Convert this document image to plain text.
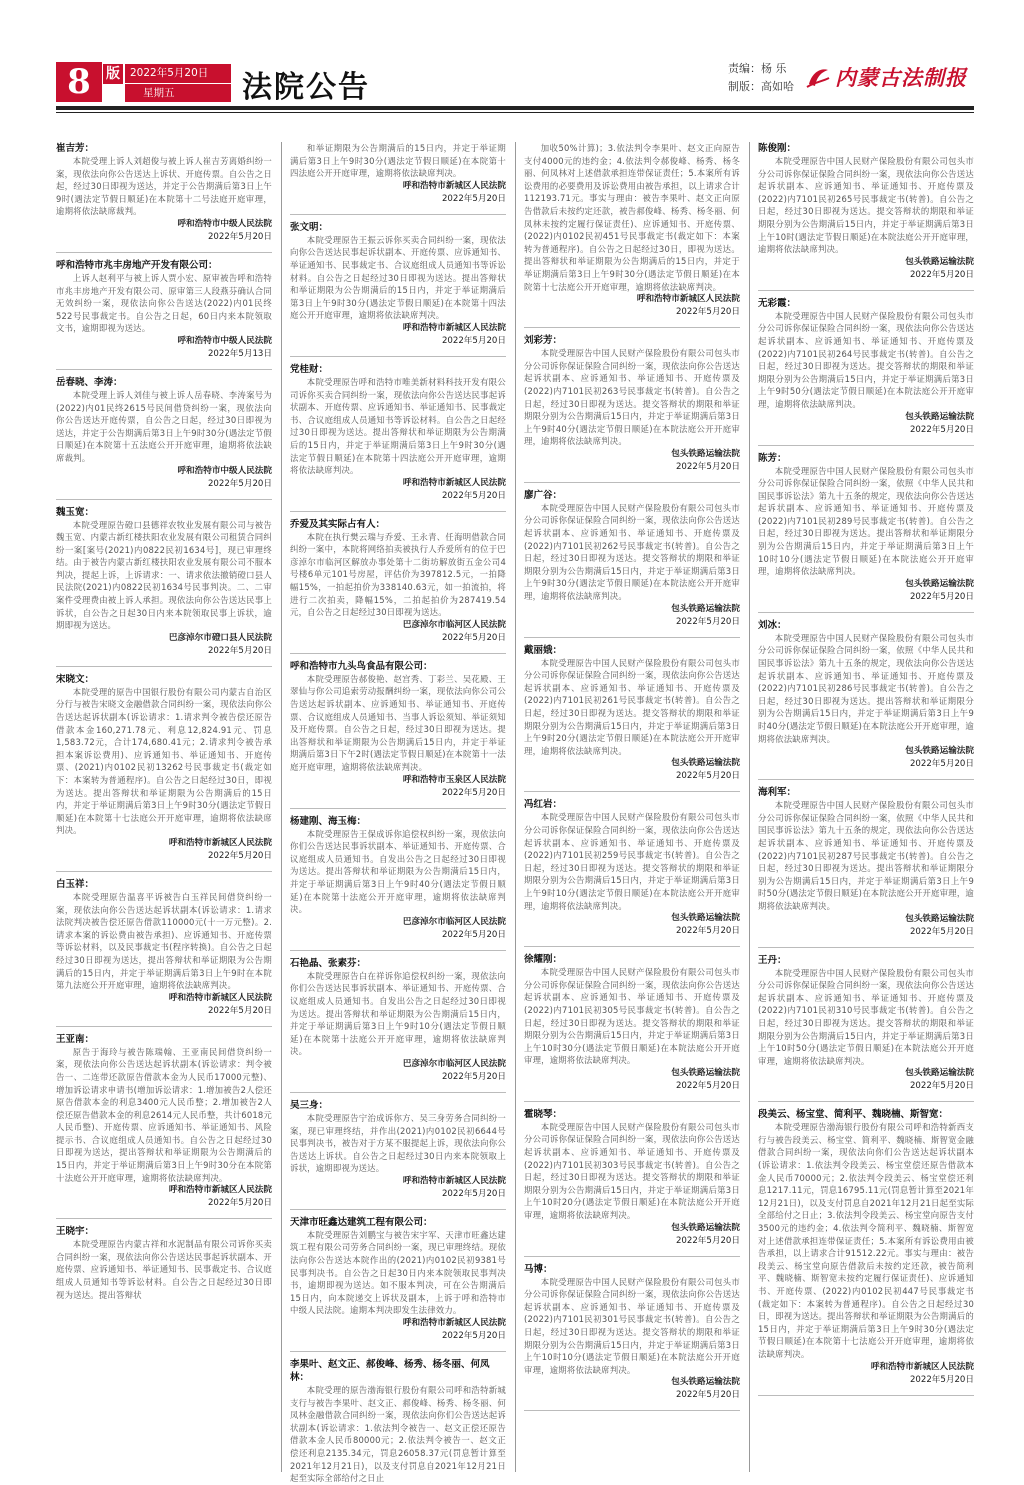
8	版 2022年5月20日
星期五	法院公告
责编：杨 乐
制版：高如哈 内蒙古法制报
崔吉芳：
本院受理上诉人刘超俊与被上诉人崔吉芳离婚纠纷一案，现依法向你公告送达上诉状、开庭传票。自公告之日起，经过30日即视为送达，并定于公告期满后第3日上午9时(遇法定节假日顺延)在本院第十二号法庭开庭审理，逾期将依法缺席裁判。
呼和浩特市中级人民法院
2022年5月20日
呼和浩特市兆丰房地产开发有限公司：
上诉人赵利平与被上诉人贾小宏、原审被告呼和浩特市兆丰房地产开发有限公司、原审第三人段燕芬确认合同无效纠纷一案，现依法向你公告送达(2022)内01民终522号民事裁定书。自公告之日起，60日内来本院领取文书，逾期即视为送达。
呼和浩特市中级人民法院
2022年5月13日
岳春晓、李涛：
本院受理上诉人刘佳与被上诉人岳春晓、李涛案号为(2022)内01民终2615号民间借贷纠纷一案，现依法向你公告送达开庭传票，自公告之日起，经过30日即视为送达，并定于公告期满后第3日上午9时30分(遇法定节假日顺延)在本院第十五法庭公开开庭审理，逾期将依法缺席裁判。
呼和浩特市中级人民法院
2022年5月20日
魏玉宽：
本院受理原告磴口县德祥农牧业发展有限公司与被告魏玉宽、内蒙古新红楼扶阳农业发展有限公司租赁合同纠纷一案[案号(2021)内0822民初1634号]，现已审理终结。由于被告内蒙古新红楼扶阳农业发展有限公司不服本判决，提起上诉，上诉请求：一、请求依法撤销磴口县人民法院(2021)内0822民初1634号民事判决。二、二审案件受理费由被上诉人承担。现依法向你公告送达民事上诉状，自公告之日起30日内来本院领取民事上诉状，逾期即视为送达。
巴彦淖尔市磴口县人民法院
2022年5月20日
宋晓文：
本院受理的原告中国银行股份有限公司内蒙古自治区分行与被告宋晓文金融借款合同纠纷一案，现依法向你公告送达起诉状副本(诉讼请求：1.请求判令被告偿还原告借款本金160,271.78元、利息12,824.91元、罚息1,583.72元，合计174,680.41元；2.请求判令被告承担本案诉讼费用)、应诉通知书、举证通知书、开庭传票、(2021)内0102民初13262号民事裁定书(裁定如下：本案转为普通程序)。自公告之日起经过30日，即视为送达。提出答辩状和举证期限为公告期满后的15日内，并定于举证期满后第3日上午9时30分(遇法定节假日顺延)在本院第十七法庭公开开庭审理，逾期将依法缺席判决。
呼和浩特市新城区人民法院
2022年5月20日
白玉祥：
本院受理原告温喜平诉被告白玉祥民间借贷纠纷一案，现依法向你公告送达起诉状副本(诉讼请求：1.请求法院判决被告偿还原告借款110000元(十一万元整)。2.请求本案的诉讼费由被告承担)、应诉通知书、开庭传票等诉讼材料，以及民事裁定书(程序转换)。自公告之日起经过30日即视为送达，提出答辩状和举证期限为公告期满后的15日内，并定于举证期满后第3日上午9时在本院第九法庭公开开庭审理，逾期将依法缺席判决。
呼和浩特市新城区人民法院
2022年5月20日
王亚南：
原告于海玲与被告陈瑞翰、王亚南民间借贷纠纷一案，现依法向你公告送达起诉状副本(诉讼请求：判令被告一、二连带还款原告借款本金为人民币17000元整)、增加诉讼请求申请书(增加诉讼请求：1.增加被告2人偿还原告借款本金的利息3400元人民币整；2.增加被告2人偿还原告借款本金的利息2614元人民币整，共计6018元人民币整)、开庭传票、应诉通知书、举证通知书、风险提示书、合议庭组成人员通知书。自公告之日起经过30日即视为送达，提出答辩状和举证期限为公告期满后的15日内，并定于举证期满后第3日上午9时30分在本院第十法庭公开开庭审理，逾期将依法缺席判决。
呼和浩特市新城区人民法院
2022年5月20日
王晓宇：
本院受理原告内蒙古祥和水泥制品有限公司诉你买卖合同纠纷一案，现依法向你公告送达民事起诉状副本、开庭传票、应诉通知书、举证通知书、民事裁定书、合议庭组成人员通知书等诉讼材料。自公告之日起经过30日即视为送达。提出答辩状
和举证期限为公告期满后的15日内，并定于举证期满后第3日上午9时30分(遇法定节假日顺延)在本院第十四法庭公开开庭审理，逾期将依法缺席判决。
呼和浩特市新城区人民法院
2022年5月20日
张文明：
本院受理原告王振云诉你买卖合同纠纷一案，现依法向你公告送达民事起诉状副本、开庭传票、应诉通知书、举证通知书、民事裁定书、合议庭组成人员通知书等诉讼材料。自公告之日起经过30日即视为送达。提出答辩状和举证期限为公告期满后的15日内，并定于举证期满后第3日上午9时30分(遇法定节假日顺延)在本院第十四法庭公开开庭审理，逾期将依法缺席判决。
呼和浩特市新城区人民法院
2022年5月20日
党桂财：
本院受理原告呼和浩特市唯美新材料科技开发有限公司诉你买卖合同纠纷一案，现依法向你公告送达民事起诉状副本、开庭传票、应诉通知书、举证通知书、民事裁定书、合议庭组成人员通知书等诉讼材料。自公告之日起经过30日即视为送达。提出答辩状和举证期限为公告期满后的15日内，并定于举证期满后第3日上午9时30分(遇法定节假日顺延)在本院第十四法庭公开开庭审理，逾期将依法缺席判决。
呼和浩特市新城区人民法院
2022年5月20日
乔爱及其实际占有人：
本院在执行樊云瑞与乔爱、王永青、任海明借款合同纠纷一案中，本院将网络拍卖被执行人乔爱所有的位于巴彦淖尔市临河区解放办事处第十二街坊解放街五金公司4号楼6单元101号房屋，评估价为397812.5元，一拍降幅15%，一拍起拍价为338140.63元，如一拍流拍，将进行二次拍卖，降幅15%，二拍起拍价为287419.54元，自公告之日起经过30日即视为送达。
巴彦淖尔市临河区人民法院
2022年5月20日
呼和浩特市九头鸟食品有限公司：
本院受理原告郝俊艳、赵宫秀、丁彩兰、吴花殿、王翠仙与你公司追索劳动报酬纠纷一案，现依法向你公司公告送达起诉状副本、应诉通知书、举证通知书、开庭传票、合议庭组成人员通知书、当事人诉讼须知、举证须知及开庭传票。自公告之日起，经过30日即视为送达。提出答辩状和举证期限为公告期满后15日内，并定于举证期满后第3日下午2时(遇法定节假日顺延)在本院第十一法庭开庭审理，逾期将依法缺席判决。
呼和浩特市玉泉区人民法院
2022年5月20日
杨建刚、海玉梅：
本院受理原告王保成诉你追偿权纠纷一案，现依法向你们公告送达民事诉状副本、举证通知书、开庭传票、合议庭组成人员通知书。自发出公告之日起经过30日即视为送达。提出答辩状和举证期限为公告期满后15日内，并定于举证期满后第3日上午9时40分(遇法定节假日顺延)在本院第十法庭公开开庭审理，逾期将依法缺席判决。
巴彦淖尔市临河区人民法院
2022年5月20日
石艳晶、张素芬：
本院受理原告白在祥诉你追偿权纠纷一案，现依法向你们公告送达民事诉状副本、举证通知书、开庭传票、合议庭组成人员通知书。自发出公告之日起经过30日即视为送达。提出答辩状和举证期限为公告期满后15日内，并定于举证期满后第3日上午9时10分(遇法定节假日顺延)在本院第十法庭公开开庭审理，逾期将依法缺席判决。
巴彦淖尔市临河区人民法院
2022年5月20日
吴三身：
本院受理原告宁治成诉你方、吴三身劳务合同纠纷一案，现已审理终结，并作出(2021)内0102民初6644号民事判决书，被告对于方某不服提起上诉，现依法向你公告送达上诉状。自公告之日起经过30日内来本院领取上诉状，逾期即视为送达。
呼和浩特市新城区人民法院
2022年5月20日
天津市旺鑫达建筑工程有限公司：
本院受理原告刘鹏宝与被告宋宇军、天津市旺鑫达建筑工程有限公司劳务合同纠纷一案，现已审理终结。现依法向你公告送达本院作出的(2021)内0102民初9381号民事判决书。自公告之日起30日内来本院领取民事判决书，逾期即视为送达。如不服本判决，可在公告期满后15日内，向本院递交上诉状及副本，上诉于呼和浩特市中级人民法院。逾期本判决即发生法律效力。
呼和浩特市新城区人民法院
2022年5月20日
李果叶、赵文正、郝俊峰、杨秀、杨冬丽、何凤林：
本院受理的原告渤海银行股份有限公司呼和浩特新城支行与被告李果叶、赵文正、郝俊峰、杨秀、杨冬丽、何凤林金融借款合同纠纷一案，现依法向你们公告送达起诉状副本(诉讼请求：1.依法判令被告一、赵文正偿还原告借款本金人民币80000元；2.依法判令被告一、赵文正偿还利息2135.34元，罚息26058.37元(罚息暂计算至2021年12月21日)，以及支付罚息自2021年12月21日起至实际全部给付之日止
加收50%计算)；3.依法判令李果叶、赵文正向原告支付4000元的违约金；4.依法判令郝俊峰、杨秀、杨冬丽、何凤林对上述借款承担连带保证责任；5.本案所有诉讼费用的必要费用及诉讼费用由被告承担，以上请求合计112193.71元。事实与理由：被告李果叶、赵文正向原告借款后未按约定还款，被告郝俊峰、杨秀、杨冬丽、何凤林未按约定履行保证责任)、应诉通知书、开庭传票、(2022)内0102民初451号民事裁定书(裁定如下：本案转为普通程序)。自公告之日起经过30日，即视为送达。提出答辩状和举证期限为公告期满后的15日内，并定于举证期满后第3日上午9时30分(遇法定节假日顺延)在本院第十七法庭公开开庭审理，逾期将依法缺席判决。
呼和浩特市新城区人民法院
2022年5月20日
刘彩芳：
本院受理原告中国人民财产保险股份有限公司包头市分公司诉你保证保险合同纠纷一案，现依法向你公告送达起诉状副本、应诉通知书、举证通知书、开庭传票及(2022)内7101民初263号民事裁定书(转普)。自公告之日起，经过30日即视为送达。提交答辩状的期限和举证期限分别为公告期满后15日内，并定于举证期满后第3日上午9时40分(遇法定节假日顺延)在本院法庭公开开庭审理，逾期将依法缺席判决。
包头铁路运输法院
2022年5月20日
廖广谷：
本院受理原告中国人民财产保险股份有限公司包头市分公司诉你保证保险合同纠纷一案，现依法向你公告送达起诉状副本、应诉通知书、举证通知书、开庭传票及(2022)内7101民初262号民事裁定书(转普)。自公告之日起，经过30日即视为送达。提交答辩状的期限和举证期限分别为公告期满后15日内，并定于举证期满后第3日上午9时30分(遇法定节假日顺延)在本院法庭公开开庭审理，逾期将依法缺席判决。
包头铁路运输法院
2022年5月20日
戴丽娥：
本院受理原告中国人民财产保险股份有限公司包头市分公司诉你保证保险合同纠纷一案，现依法向你公告送达起诉状副本、应诉通知书、举证通知书、开庭传票及(2022)内7101民初261号民事裁定书(转普)。自公告之日起，经过30日即视为送达。提交答辩状的期限和举证期限分别为公告期满后15日内，并定于举证期满后第3日上午9时20分(遇法定节假日顺延)在本院法庭公开开庭审理，逾期将依法缺席判决。
包头铁路运输法院
2022年5月20日
冯红岩：
本院受理原告中国人民财产保险股份有限公司包头市分公司诉你保证保险合同纠纷一案，现依法向你公告送达起诉状副本、应诉通知书、举证通知书、开庭传票及(2022)内7101民初259号民事裁定书(转普)。自公告之日起，经过30日即视为送达。提交答辩状的期限和举证期限分别为公告期满后15日内，并定于举证期满后第3日上午9时10分(遇法定节假日顺延)在本院法庭公开开庭审理，逾期将依法缺席判决。
包头铁路运输法院
2022年5月20日
徐耀刚：
本院受理原告中国人民财产保险股份有限公司包头市分公司诉你保证保险合同纠纷一案，现依法向你公告送达起诉状副本、应诉通知书、举证通知书、开庭传票及(2022)内7101民初305号民事裁定书(转普)。自公告之日起，经过30日即视为送达。提交答辩状的期限和举证期限分别为公告期满后15日内，并定于举证期满后第3日上午10时30分(遇法定节假日顺延)在本院法庭公开开庭审理，逾期将依法缺席判决。
包头铁路运输法院
2022年5月20日
霍晓琴：
本院受理原告中国人民财产保险股份有限公司包头市分公司诉你保证保险合同纠纷一案，现依法向你公告送达起诉状副本、应诉通知书、举证通知书、开庭传票及(2022)内7101民初303号民事裁定书(转普)。自公告之日起，经过30日即视为送达。提交答辩状的期限和举证期限分别为公告期满后15日内，并定于举证期满后第3日上午10时20分(遇法定节假日顺延)在本院法庭公开开庭审理，逾期将依法缺席判决。
包头铁路运输法院
2022年5月20日
马博：
本院受理原告中国人民财产保险股份有限公司包头市分公司诉你保证保险合同纠纷一案，现依法向你公告送达起诉状副本、应诉通知书、举证通知书、开庭传票及(2022)内7101民初301号民事裁定书(转普)。自公告之日起，经过30日即视为送达。提交答辩状的期限和举证期限分别为公告期满后15日内，并定于举证期满后第3日上午10时10分(遇法定节假日顺延)在本院法庭公开开庭审理，逾期将依法缺席判决。
包头铁路运输法院
2022年5月20日
陈俊刚：
本院受理原告中国人民财产保险股份有限公司包头市分公司诉你保证保险合同纠纷一案，现依法向你公告送达起诉状副本、应诉通知书、举证通知书、开庭传票及(2022)内7101民初265号民事裁定书(转普)。自公告之日起，经过30日即视为送达。提交答辩状的期限和举证期限分别为公告期满后15日内，并定于举证期满后第3日上午10时(遇法定节假日顺延)在本院法庭公开开庭审理，逾期将依法缺席判决。
包头铁路运输法院
2022年5月20日
无彩霞：
本院受理原告中国人民财产保险股份有限公司包头市分公司诉你保证保险合同纠纷一案，现依法向你公告送达起诉状副本、应诉通知书、举证通知书、开庭传票及(2022)内7101民初264号民事裁定书(转普)。自公告之日起，经过30日即视为送达。提交答辩状的期限和举证期限分别为公告期满后15日内，并定于举证期满后第3日上午9时50分(遇法定节假日顺延)在本院法庭公开开庭审理，逾期将依法缺席判决。
包头铁路运输法院
2022年5月20日
陈芳：
本院受理原告中国人民财产保险股份有限公司包头市分公司诉你保证保险合同纠纷一案，依照《中华人民共和国民事诉讼法》第九十五条的规定，现依法向你公告送达起诉状副本、应诉通知书、举证通知书、开庭传票及(2022)内7101民初289号民事裁定书(转普)。自公告之日起，经过30日即视为送达。提出答辩状和举证期限分别为公告期满后15日内，并定于举证期满后第3日上午10时10分(遇法定节假日顺延)在本院法庭公开开庭审理，逾期将依法缺席判决。
包头铁路运输法院
2022年5月20日
刘冰：
本院受理原告中国人民财产保险股份有限公司包头市分公司诉你保证保险合同纠纷一案，依照《中华人民共和国民事诉讼法》第九十五条的规定，现依法向你公告送达起诉状副本、应诉通知书、举证通知书、开庭传票及(2022)内7101民初286号民事裁定书(转普)。自公告之日起，经过30日即视为送达。提出答辩状和举证期限分别为公告期满后15日内，并定于举证期满后第3日上午9时40分(遇法定节假日顺延)在本院法庭公开开庭审理，逾期将依法缺席判决。
包头铁路运输法院
2022年5月20日
海利军：
本院受理原告中国人民财产保险股份有限公司包头市分公司诉你保证保险合同纠纷一案，依照《中华人民共和国民事诉讼法》第九十五条的规定，现依法向你公告送达起诉状副本、应诉通知书、举证通知书、开庭传票及(2022)内7101民初287号民事裁定书(转普)。自公告之日起，经过30日即视为送达。提出答辩状和举证期限分别为公告期满后15日内，并定于举证期满后第3日上午9时50分(遇法定节假日顺延)在本院法庭公开开庭审理，逾期将依法缺席判决。
包头铁路运输法院
2022年5月20日
王丹：
本院受理原告中国人民财产保险股份有限公司包头市分公司诉你保证保险合同纠纷一案，现依法向你公告送达起诉状副本、应诉通知书、举证通知书、开庭传票及(2022)内7101民初310号民事裁定书(转普)。自公告之日起，经过30日即视为送达。提交答辩状的期限和举证期限分别为公告期满后15日内，并定于举证期满后第3日上午10时50分(遇法定节假日顺延)在本院法庭公开开庭审理，逾期将依法缺席判决。
包头铁路运输法院
2022年5月20日
段美云、杨宝堂、简利平、魏晓楠、斯智宽：
本院受理原告渤海银行股份有限公司呼和浩特新西支行与被告段美云、杨宝堂、简利平、魏晓楠、斯智宽金融借款合同纠纷一案，现依法向你们公告送达起诉状副本(诉讼请求：1.依法判令段美云、杨宝堂偿还原告借款本金人民币70000元；2.依法判令段美云、杨宝堂偿还利息1217.11元，罚息16795.11元(罚息暂计算至2021年12月21日)，以及支付罚息自2021年12月21日起至实际全部给付之日止；3.依法判令段美云、杨宝堂向原告支付3500元的违约金；4.依法判令简利平、魏晓楠、斯智宽对上述借款承担连带保证责任；5.本案所有诉讼费用由被告承担，以上请求合计91512.22元。事实与理由：被告段美云、杨宝堂向原告借款后未按约定还款，被告简利平、魏晓楠、斯智宽未按约定履行保证责任)、应诉通知书、开庭传票、(2022)内0102民初447号民事裁定书(裁定如下：本案转为普通程序)。自公告之日起经过30日，即视为送达。提出答辩状和举证期限为公告期满后的15日内，并定于举证期满后第3日上午9时30分(遇法定节假日顺延)在本院第十七法庭公开开庭审理，逾期将依法缺席判决。
呼和浩特市新城区人民法院
2022年5月20日
